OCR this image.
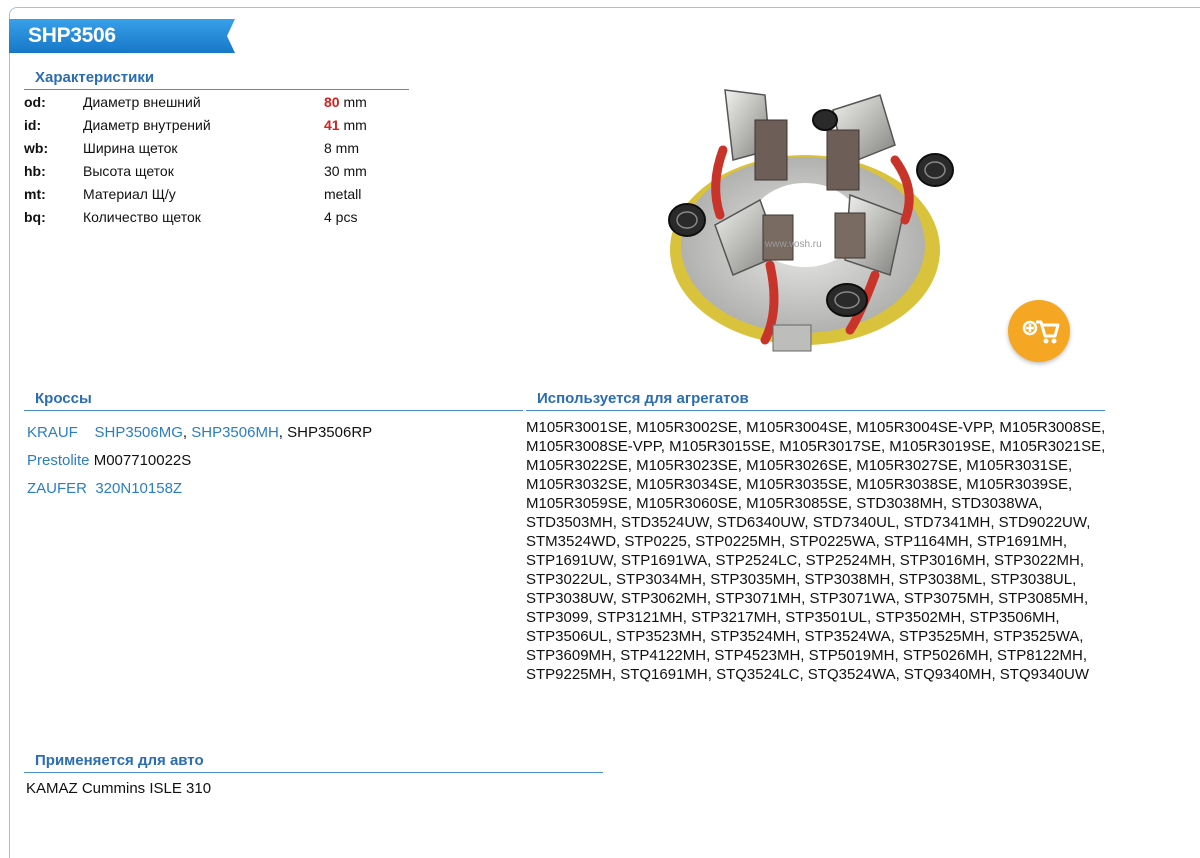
SHP3506
Характеристики
od:	Диаметр внешний	80 mm
id:	Диаметр внутрений	41 mm
wb: Ширина щеток	8 mm
hb:	Высота щеток	30 mm
mt:	Материал Щ/у	metall
bq:	Количество щеток	4 pcs
www.vosh.ru
Кроссы
KRAUF SHP3506MG, SHP3506MH, SHP3506RP
Prestolite M007710022S
ZAUFER 320N10158Z
Используется для агрегатов
M105R3001SE, M105R3002SE, M105R3004SE, M105R3004SE-VPP, M105R3008SE, M105R3008SE-VPP, M105R3015SE, M105R3017SE, M105R3019SE, M105R3021SE, M105R3022SE, M105R3023SE, M105R3026SE, M105R3027SE, M105R3031SE, M105R3032SE, M105R3034SE, M105R3035SE, M105R3038SE, M105R3039SE, M105R3059SE, M105R3060SE, M105R3085SE, STD3038MH, STD3038WA, STD3503MH, STD3524UW, STD6340UW, STD7340UL, STD7341MH, STD9022UW, STM3524WD, STP0225, STP0225MH, STP0225WA, STP1164MH, STP1691MH, STP1691UW, STP1691WA, STP2524LC, STP2524MH, STP3016MH, STP3022MH, STP3022UL, STP3034MH, STP3035MH, STP3038MH, STP3038ML, STP3038UL, STP3038UW, STP3062MH, STP3071MH, STP3071WA, STP3075MH, STP3085MH, STP3099, STP3121MH, STP3217MH, STP3501UL, STP3502MH, STP3506MH, STP3506UL, STP3523MH, STP3524MH, STP3524WA, STP3525MH, STP3525WA, STP3609MH, STP4122MH, STP4523MH, STP5019MH, STP5026MH, STP8122MH, STP9225MH, STQ1691MH, STQ3524LC, STQ3524WA, STQ9340MH, STQ9340UW
Применяется для авто
KAMAZ Cummins ISLE 310
